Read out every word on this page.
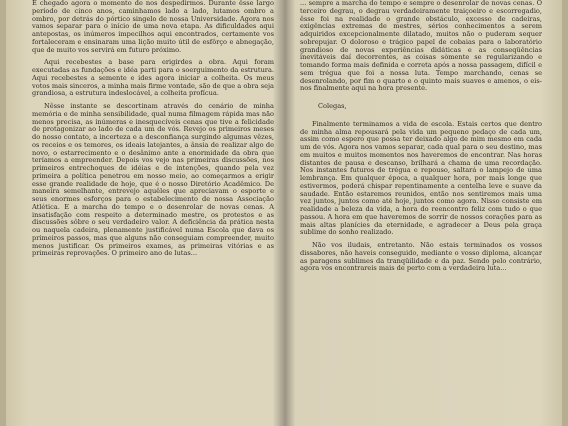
É chegado agora o momento de nos despedirmos. Durante êsse largo período de cinco anos, caminhamos lado a lado, lutamos ombro a ombro, por detrás do pórtico singelo de nossa Universidade. Agora nos vamos separar para o início de uma nova etapa. As dificuldades aqui antepostas, os inúmeros impecilhos aqui encontrados, certamente vos fortaleceram e ensinaram uma lição muito útil de esfôrço e abnegação, que de muito vos servirá em futuro próximo.

Aqui recebestes a base para erigirdes a obra. Aqui foram executadas as fundações e idéa parti para o soerguimento da estrutura. Aqui recebestes a semente e ides agora iniciar a colheita. Os meus votos mais sinceros, a minha mais firme vontade, são de que a obra seja grandiosa, a estrutura indeslocável, a colheita profícua.

Nêsse instante se descortinam através do cenário de minha memória e de minha sensibilidade, qual numa filmagem rápida mas não menos precisa, as inúmeras e inesquecíveis cenas que tive a felicidade de protagonizar ao lado de cada um de vós. Revejo os primeiros meses do nosso contato, a incerteza e a desconfiança surgindo algumas vêzes, os receios e os temores, os ideais latejantes, a ânsia de realizar algo de novo, o estarrecimento e o desânimo ante a enormidade da obra que teríamos a empreender. Depois vos vejo nas primeiras discussões, nos primeiros entrechoques de idéias e de intenções, quando pela vez primeira a política penetrou em nosso meio, ao começarmos a erigir esse grande realidade de hoje, que é o nosso Diretório Acadêmico. De maneira semelhante, entrevejo aquêles que apreciavam o esporte e seus enormes esforços para o estabelecimento de nossa Associação Atlética. E a marcha do tempo e o desenrolar de novas cenas. A insatisfação com respeito a determinado mestre, os protestos e as discussões sôbre o seu verdadeiro valor. A deficiência da prática nesta ou naquela cadeira, plenamente justificável numa Escola que dava os primeiros passos, mas que alguns não conseguiam compreender, muito menos justificar. Os primeiros exames, as primeiras vitórias e as primeiras reprovações. O primeiro ano de lutas...

... sempre a marcha do tempo e sempre o desenrolar de novas cenas. O terceiro degrau, o degrau verdadeiramente traiçoeiro e escorregadio, êsse foi na realidade o grande obstáculo, excesso de cadeiras, exigências extremas de mestres, sérios conhecimentos a serem adquiridos excepcionalmente dilatado, muitos não o puderam sequer sobrepujar. O doloroso e trágico papel de cobaias para o laboratório grandioso de novas experiências didáticas e as conseqüências inevitáveis daí decorrentes, as coisas sòmente se regularizando e tomando forma mais definida e correta após a nossa passagem, difícil e sem trégua que foi a nossa luta. Tempo marchando, cenas se desenrolando, por fim o quarto e o quinto mais suaves e amenos, o eis-nos finalmente aqui na hora presente.

Colegas,

Finalmente terminamos a vida de escola. Estais certos que dentro de minha alma repousará pela vida um pequeno pedaço de cada um, assim como espero que possa ter deixado algo de mim mesmo em cada um de vós. Agora nos vamos separar, cada qual para o seu destino, mas em muitos e muitos momentos nos haveremos de encontrar. Nas horas distantes de pausa e descanso, brilhará a chama de uma recordação. Nos instantes futuros de trégua e repouso, saltará o lampejo de uma lembrança. Em qualquer época, a qualquer hora, por mais longe que estivermos, poderá chispar repentinamente a centelha leve e suave da saudade. Então estaremos reunidos, então nos sentiremos mais uma vez juntos, juntos como até hoje, juntos como agora. Nisso consiste em realidade a beleza da vida, a hora do reencontro feliz com tudo o que passou. A hora em que haveremos de sorrir de nossos corações para as mais altas planícies da eternidade, e agradecer a Deus pela graça sublime do sonho realizado.

Não vos iludais, entretanto. Não estais terminados os vossos dissabores, não haveis conseguido, mediante o vosso diploma, alcançar as paragens sublimes da tranqüilidade e da paz. Sendo pelo contrário, agora vos encontrareis mais de perto com a verdadeira luta...
